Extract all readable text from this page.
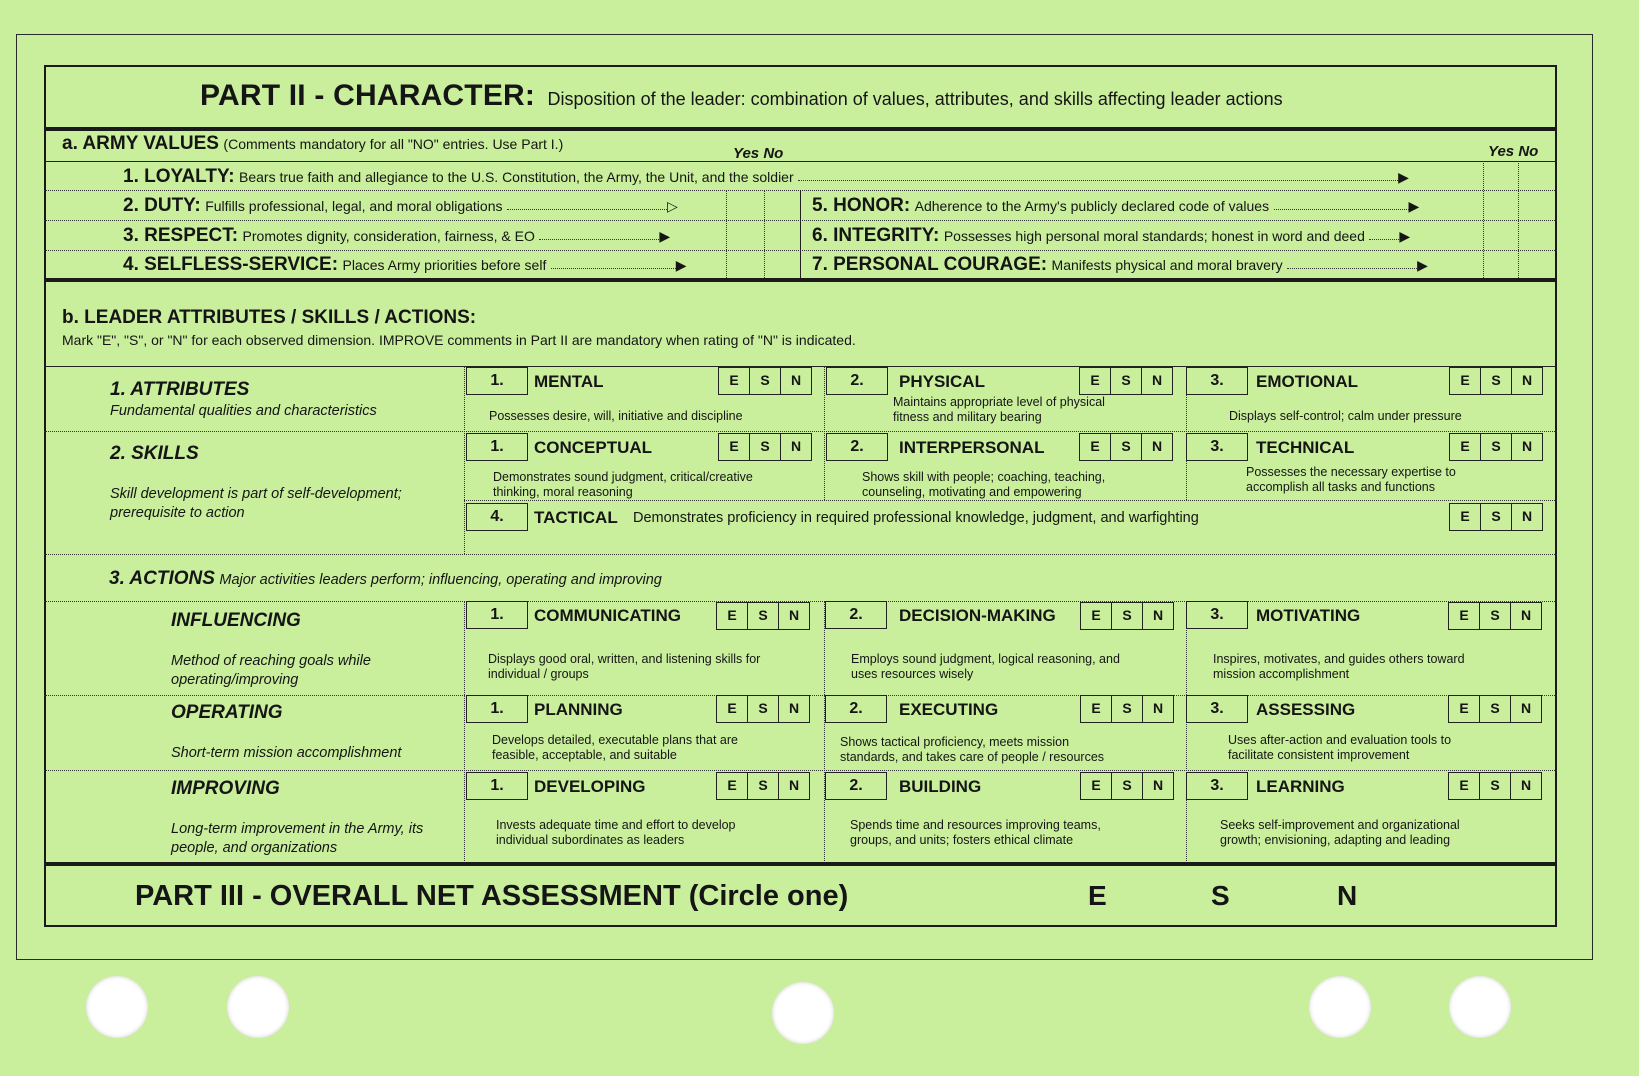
PART II - CHARACTER: Disposition of the leader: combination of values, attributes, and skills affecting leader actions
a. ARMY VALUES (Comments mandatory for all "NO" entries. Use Part I.)
Yes No	Yes No
1. LOYALTY: Bears true faith and allegiance to the U.S. Constitution, the Army, the Unit, and the soldier	▶
2. DUTY: Fulfills professional, legal, and moral obligations	▷
3. RESPECT: Promotes dignity, consideration, fairness, & EO	▶
4. SELFLESS-SERVICE: Places Army priorities before self	▶
5. HONOR: Adherence to the Army's publicly declared code of values	▶
6. INTEGRITY: Possesses high personal moral standards; honest in word and deed ▶
7. PERSONAL COURAGE: Manifests physical and moral bravery	▶
b. LEADER ATTRIBUTES / SKILLS / ACTIONS:
Mark "E", "S", or "N" for each observed dimension. IMPROVE comments in Part II are mandatory when rating of "N" is indicated.
1. ATTRIBUTES
Fundamental qualities and characteristics
1.	MENTAL	E	S	N
Possesses desire, will, initiative and discipline
2.	PHYSICAL	E	S	N
Maintains appropriate level of physical fitness and military bearing
3.	EMOTIONAL	E	S	N
Displays self-control; calm under pressure
2. SKILLS
Skill development is part of self-development; prerequisite to action
1.	CONCEPTUAL	E	S	N
Demonstrates sound judgment, critical/creative thinking, moral reasoning
2.	INTERPERSONAL	E	S	N
Shows skill with people; coaching, teaching, counseling, motivating and empowering
3.	TECHNICAL	E	S	N
Possesses the necessary expertise to accomplish all tasks and functions
4.	TACTICAL Demonstrates proficiency in required professional knowledge, judgment, and warfighting	E	S	N
3. ACTIONS Major activities leaders perform; influencing, operating and improving
INFLUENCING
Method of reaching goals while operating/improving
1.	COMMUNICATING	E	S	N
Displays good oral, written, and listening skills for individual / groups
2.	DECISION-MAKING	E	S	N
Employs sound judgment, logical reasoning, and uses resources wisely
3.	MOTIVATING	E	S	N
Inspires, motivates, and guides others toward mission accomplishment
OPERATING
Short-term mission accomplishment
1.	PLANNING	E	S	N
Develops detailed, executable plans that are feasible, acceptable, and suitable
2.	EXECUTING	E	S	N
Shows tactical proficiency, meets mission standards, and takes care of people / resources
3.	ASSESSING	E	S	N
Uses after-action and evaluation tools to facilitate consistent improvement
IMPROVING
Long-term improvement in the Army, its people, and organizations
1.	DEVELOPING	E	S	N
Invests adequate time and effort to develop individual subordinates as leaders
2.	BUILDING	E	S	N
Spends time and resources improving teams, groups, and units; fosters ethical climate
3.	LEARNING	E	S	N
Seeks self-improvement and organizational growth; envisioning, adapting and leading
PART III - OVERALL NET ASSESSMENT (Circle one)	E	S	N
